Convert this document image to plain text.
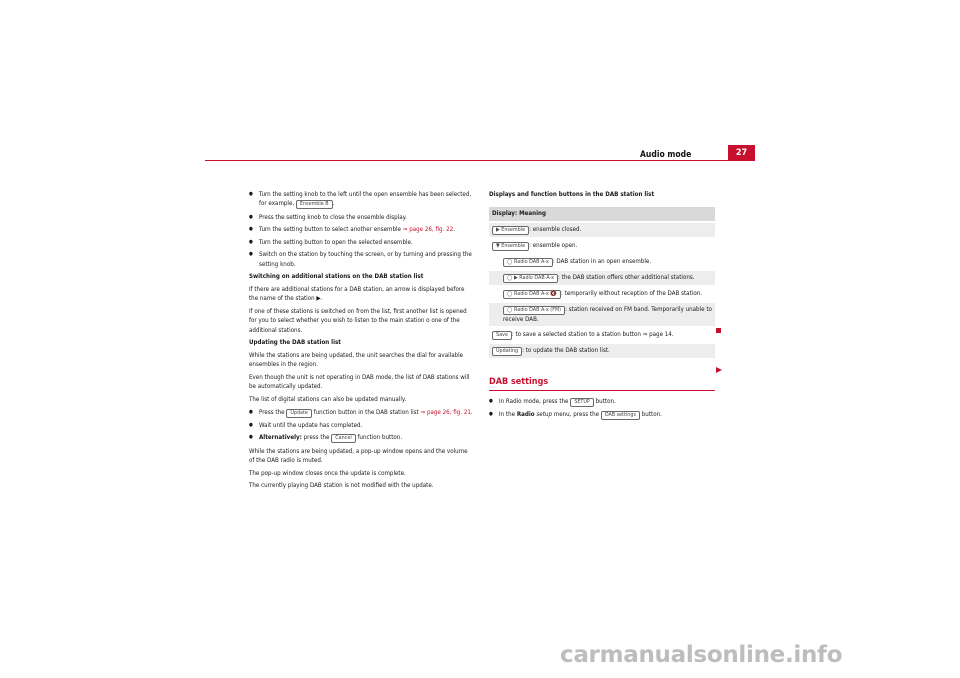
Audio mode	27
● Turn the setting knob to the left until the open ensemble has been selected, for example, Ensemble B .
● Press the setting knob to close the ensemble display.
● Turn the setting button to select another ensemble ⇒ page 26, fig. 22.
● Turn the setting button to open the selected ensemble.
● Switch on the station by touching the screen, or by turning and pressing the setting knob.

Switching on additional stations on the DAB station list

If there are additional stations for a DAB station, an arrow is displayed before the name of the station ▶.

If one of these stations is switched on from the list, first another list is opened for you to select whether you wish to listen to the main station o one of the additional stations.

Updating the DAB station list

While the stations are being updated, the unit searches the dial for available ensembles in the region.

Even though the unit is not operating in DAB mode, the list of DAB stations will be automatically updated.

The list of digital stations can also be updated manually.

● Press the Update function button in the DAB station list ⇒ page 26, fig. 21.
● Wait until the update has completed.
● Alternatively: press the Cancel function button.

While the stations are being updated, a pop-up window opens and the volume of the DAB radio is muted.

The pop-up window closes once the update is complete.

The currently playing DAB station is not modified with the update.

Displays and function buttons in the DAB station list

Display: Meaning
▶ Ensemble : ensemble closed.
▼ Ensemble : ensemble open.
◯ Radio DAB A-x : DAB station in an open ensemble.
◯ ▶ Radio DAB A-x : the DAB station offers other additional stations.
◯ Radio DAB A-x 🔇 : temporarily without reception of the DAB station.
◯ Radio DAB A-x (FM) : station received on FM band. Temporarily unable to receive DAB.
Save : to save a selected station to a station button ⇒ page 14.
Updating : to update the DAB station list.
DAB settings
● In Radio mode, press the SETUP button.
● In the Radio setup menu, press the DAB settings button.
carmanualsonline.info
